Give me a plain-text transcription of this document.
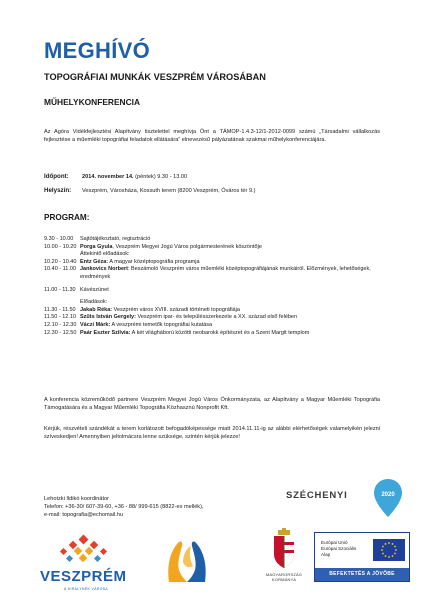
MEGHÍVÓ
TOPOGRÁFIAI MUNKÁK VESZPRÉM VÁROSÁBAN
MŰHELYKONFERENCIA
Az Agóra Vidékfejlesztési Alapítvány tisztelettel meghívja Önt a TÁMOP-1.4.3-12/1-2012-0099 számú „Társadalmi vállalkozás fejlesztése a műemléki topográfiai feladatok ellátására” elnevezésű pályázatának szakmai műhelykonferenciájára.
Időpont: 2014. november 14. (péntek) 9.30 - 13.00
Helyszín: Veszprém, Városháza, Kossuth terem (8200 Veszprém, Óváros tér 9.)
PROGRAM:
9.30 - 10.00	Sajtótájékoztató, regisztráció
10.00 - 10.20 Porga Gyula, Veszprém Megyei Jogú Város polgármesterének köszöntője
Áttekintő előadások:
10.20 - 10.40 Entz Géza: A magyar középtopográfia programja
10.40 - 11.00 Jankovics Norbert: Beszámoló Veszprém város műemléki középtopográfiájának munkáiról. Előzmények, lehetőségek, eredmények
11.00 - 11.30 Kávészünet
Előadások:
11.30 - 11.50 Jakab Réka: Veszprém város XVIII. századi történeti topográfiája
11.50 - 12.10 Szűts István Gergely: Veszprém ipar- és településszerkezete a XX. század első felében
12.10 - 12.30 Váczi Márk: A veszprémi temetők topográfiai kutatása
12.30 - 12.50 Paár Eszter Szilvia: A két világháború közötti neobarokk építészet és a Szent Margit templom
A konferencia közreműködő partnere Veszprém Megyei Jogú Város Önkormányzata, az Alapítvány a Magyar Műemléki Topográfia Támogatására és a Magyar Műemléki Topográfia Közhasznú Nonprofit Kft.
Kérjük, részvételi szándékát a terem korlátozott befogadóképessége miatt 2014.11.11-ig az alábbi elérhetőségek valamelyikén jelezni szíveskedjen! Amennyiben jeltolmácsra lenne szüksége, szintén kérjük jelezze!
Lehotzki Ildikó koordinátor
Telefon: +36-30/ 607-39-60, +36 - 88/ 999-615 (8822-es mellék),
e-mail: topografia@echomail.hu
SZÉCHENYI	2020
VESZPRÉM
A KIRÁLYNÉK VÁROSA
MAGYARORSZÁG
KORMÁNYA
Európai Unió
Európai Szociális
Alap
BEFEKTETÉS A JÖVŐBE
